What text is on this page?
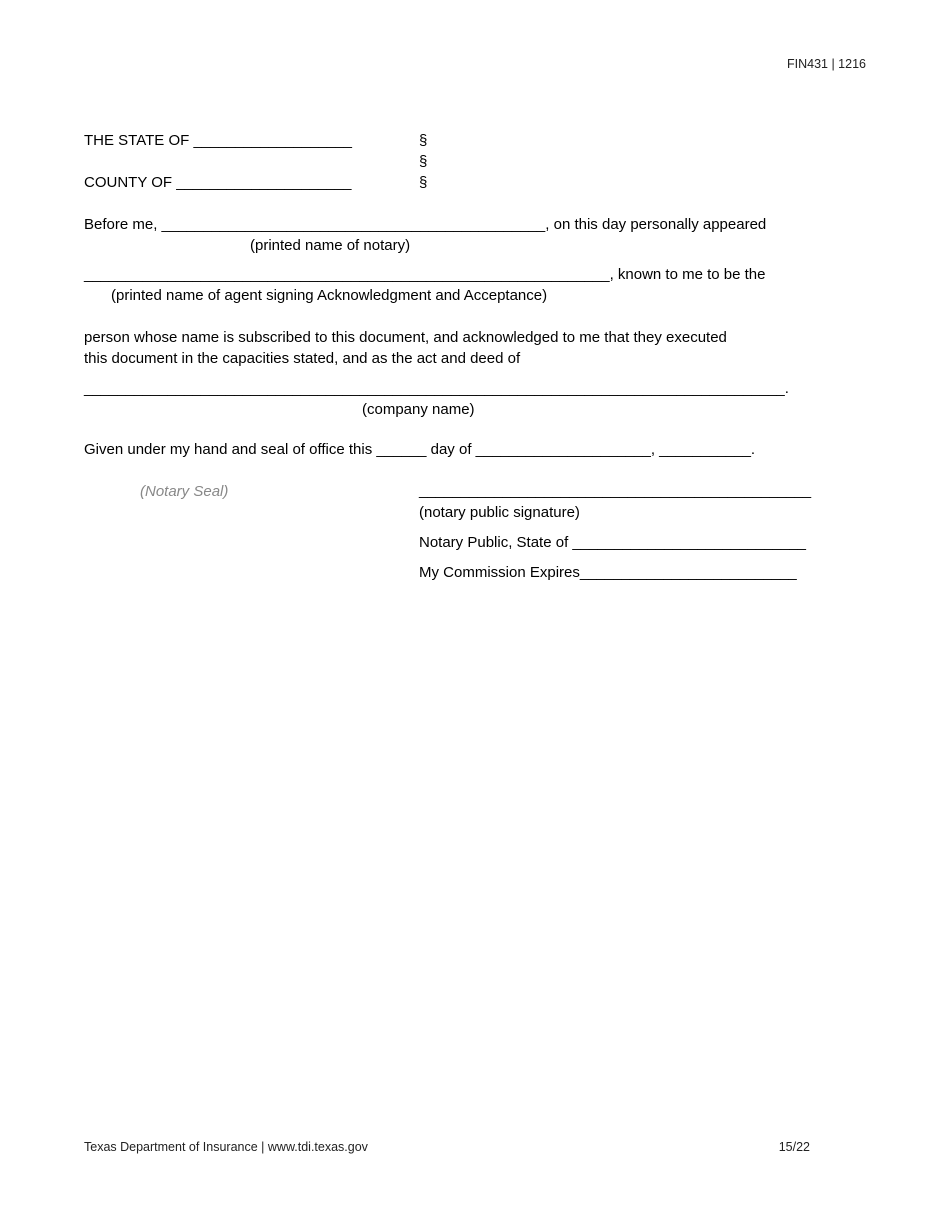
FIN431 | 1216
THE STATE OF ___________________
COUNTY OF _____________________
§
§
§
Before me, ______________________________________________, on this day personally appeared
(printed name of notary)
_______________________________________________________________, known to me to be the
(printed name of agent signing Acknowledgment and Acceptance)
person whose name is subscribed to this document, and acknowledged to me that they executed
this document in the capacities stated, and as the act and deed of
____________________________________________________________________________________.
(company name)
Given under my hand and seal of office this ______ day of _____________________, ___________.
(Notary Seal)	_______________________________________________
(notary public signature)
Notary Public, State of ____________________________
My Commission Expires__________________________
Texas Department of Insurance | www.tdi.texas.gov	15/22
